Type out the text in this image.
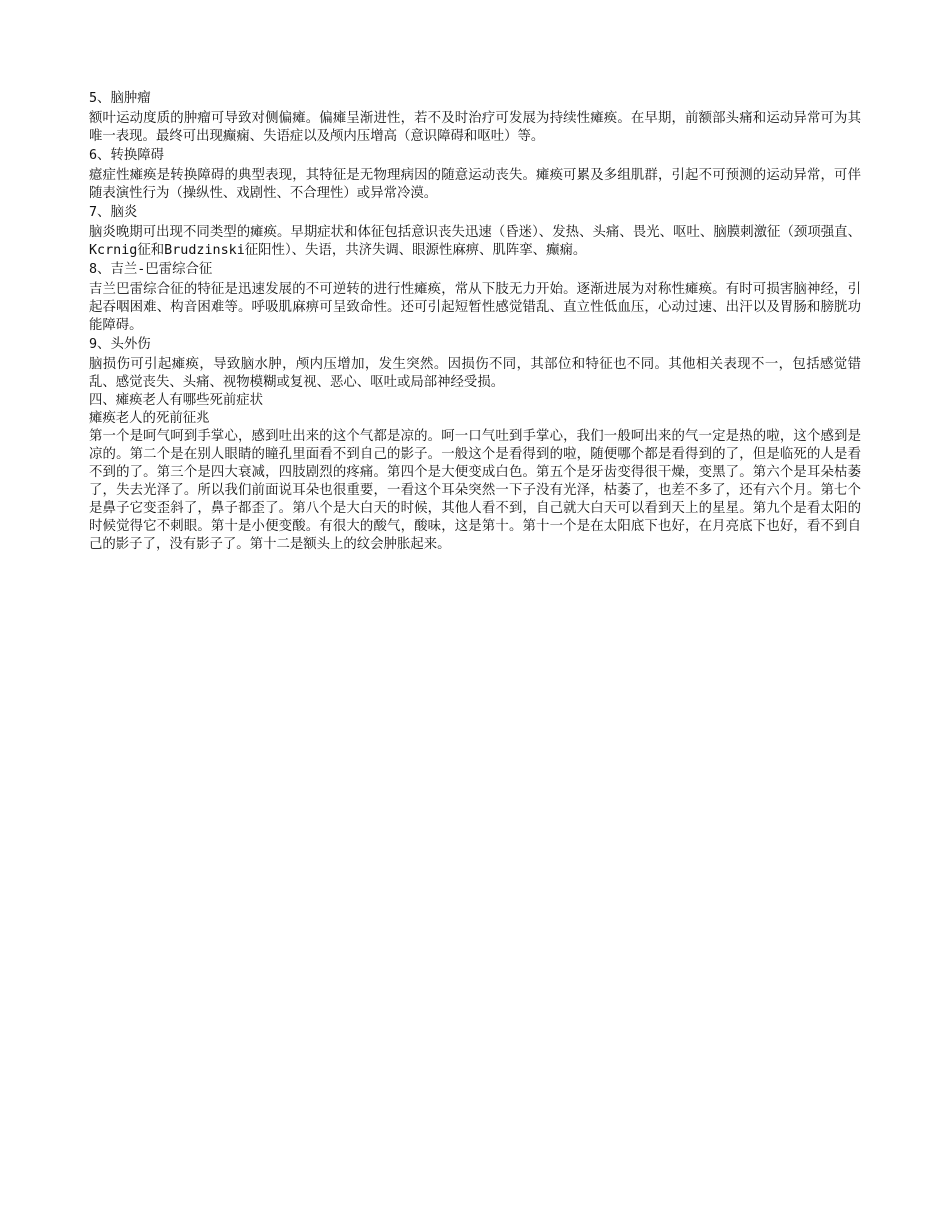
5、脑肿瘤

额叶运动度质的肿瘤可导致对侧偏瘫。偏瘫呈渐进性，若不及时治疗可发展为持续性瘫痪。在早期，前额部头痛和运动异常可为其唯一表现。最终可出现癫痫、失语症以及颅内压增高（意识障碍和呕吐）等。

6、转换障碍

癔症性瘫痪是转换障碍的典型表现，其特征是无物理病因的随意运动丧失。瘫痪可累及多组肌群，引起不可预测的运动异常，可伴随表演性行为（操纵性、戏剧性、不合理性）或异常冷漠。

7、脑炎

脑炎晚期可出现不同类型的瘫痪。早期症状和体征包括意识丧失迅速（昏迷）、发热、头痛、畏光、呕吐、脑膜刺激征（颈项强直、Kcrnig征和Brudzinski征阳性）、失语，共济失调、眼源性麻痹、肌阵挛、癫痫。

8、吉兰-巴雷综合征

吉兰巴雷综合征的特征是迅速发展的不可逆转的进行性瘫痪，常从下肢无力开始。逐渐进展为对称性瘫痪。有时可损害脑神经，引起吞咽困难、构音困难等。呼吸肌麻痹可呈致命性。还可引起短暂性感觉错乱、直立性低血压，心动过速、出汗以及胃肠和膀胱功能障碍。

9、头外伤

脑损伤可引起瘫痪，导致脑水肿，颅内压增加，发生突然。因损伤不同，其部位和特征也不同。其他相关表现不一，包括感觉错乱、感觉丧失、头痛、视物模糊或复视、恶心、呕吐或局部神经受损。

四、瘫痪老人有哪些死前症状

瘫痪老人的死前征兆

第一个是呵气呵到手掌心，感到吐出来的这个气都是凉的。呵一口气吐到手掌心，我们一般呵出来的气一定是热的啦，这个感到是凉的。第二个是在别人眼睛的瞳孔里面看不到自己的影子。一般这个是看得到的啦，随便哪个都是看得到的了，但是临死的人是看不到的了。第三个是四大衰减，四肢剧烈的疼痛。第四个是大便变成白色。第五个是牙齿变得很干燥，变黑了。第六个是耳朵枯萎了，失去光泽了。所以我们前面说耳朵也很重要，一看这个耳朵突然一下子没有光泽，枯萎了，也差不多了，还有六个月。第七个是鼻子它变歪斜了，鼻子都歪了。第八个是大白天的时候，其他人看不到，自己就大白天可以看到天上的星星。第九个是看太阳的时候觉得它不刺眼。第十是小便变酸。有很大的酸气，酸味，这是第十。第十一个是在太阳底下也好，在月亮底下也好，看不到自己的影子了，没有影子了。第十二是额头上的纹会肿胀起来。
